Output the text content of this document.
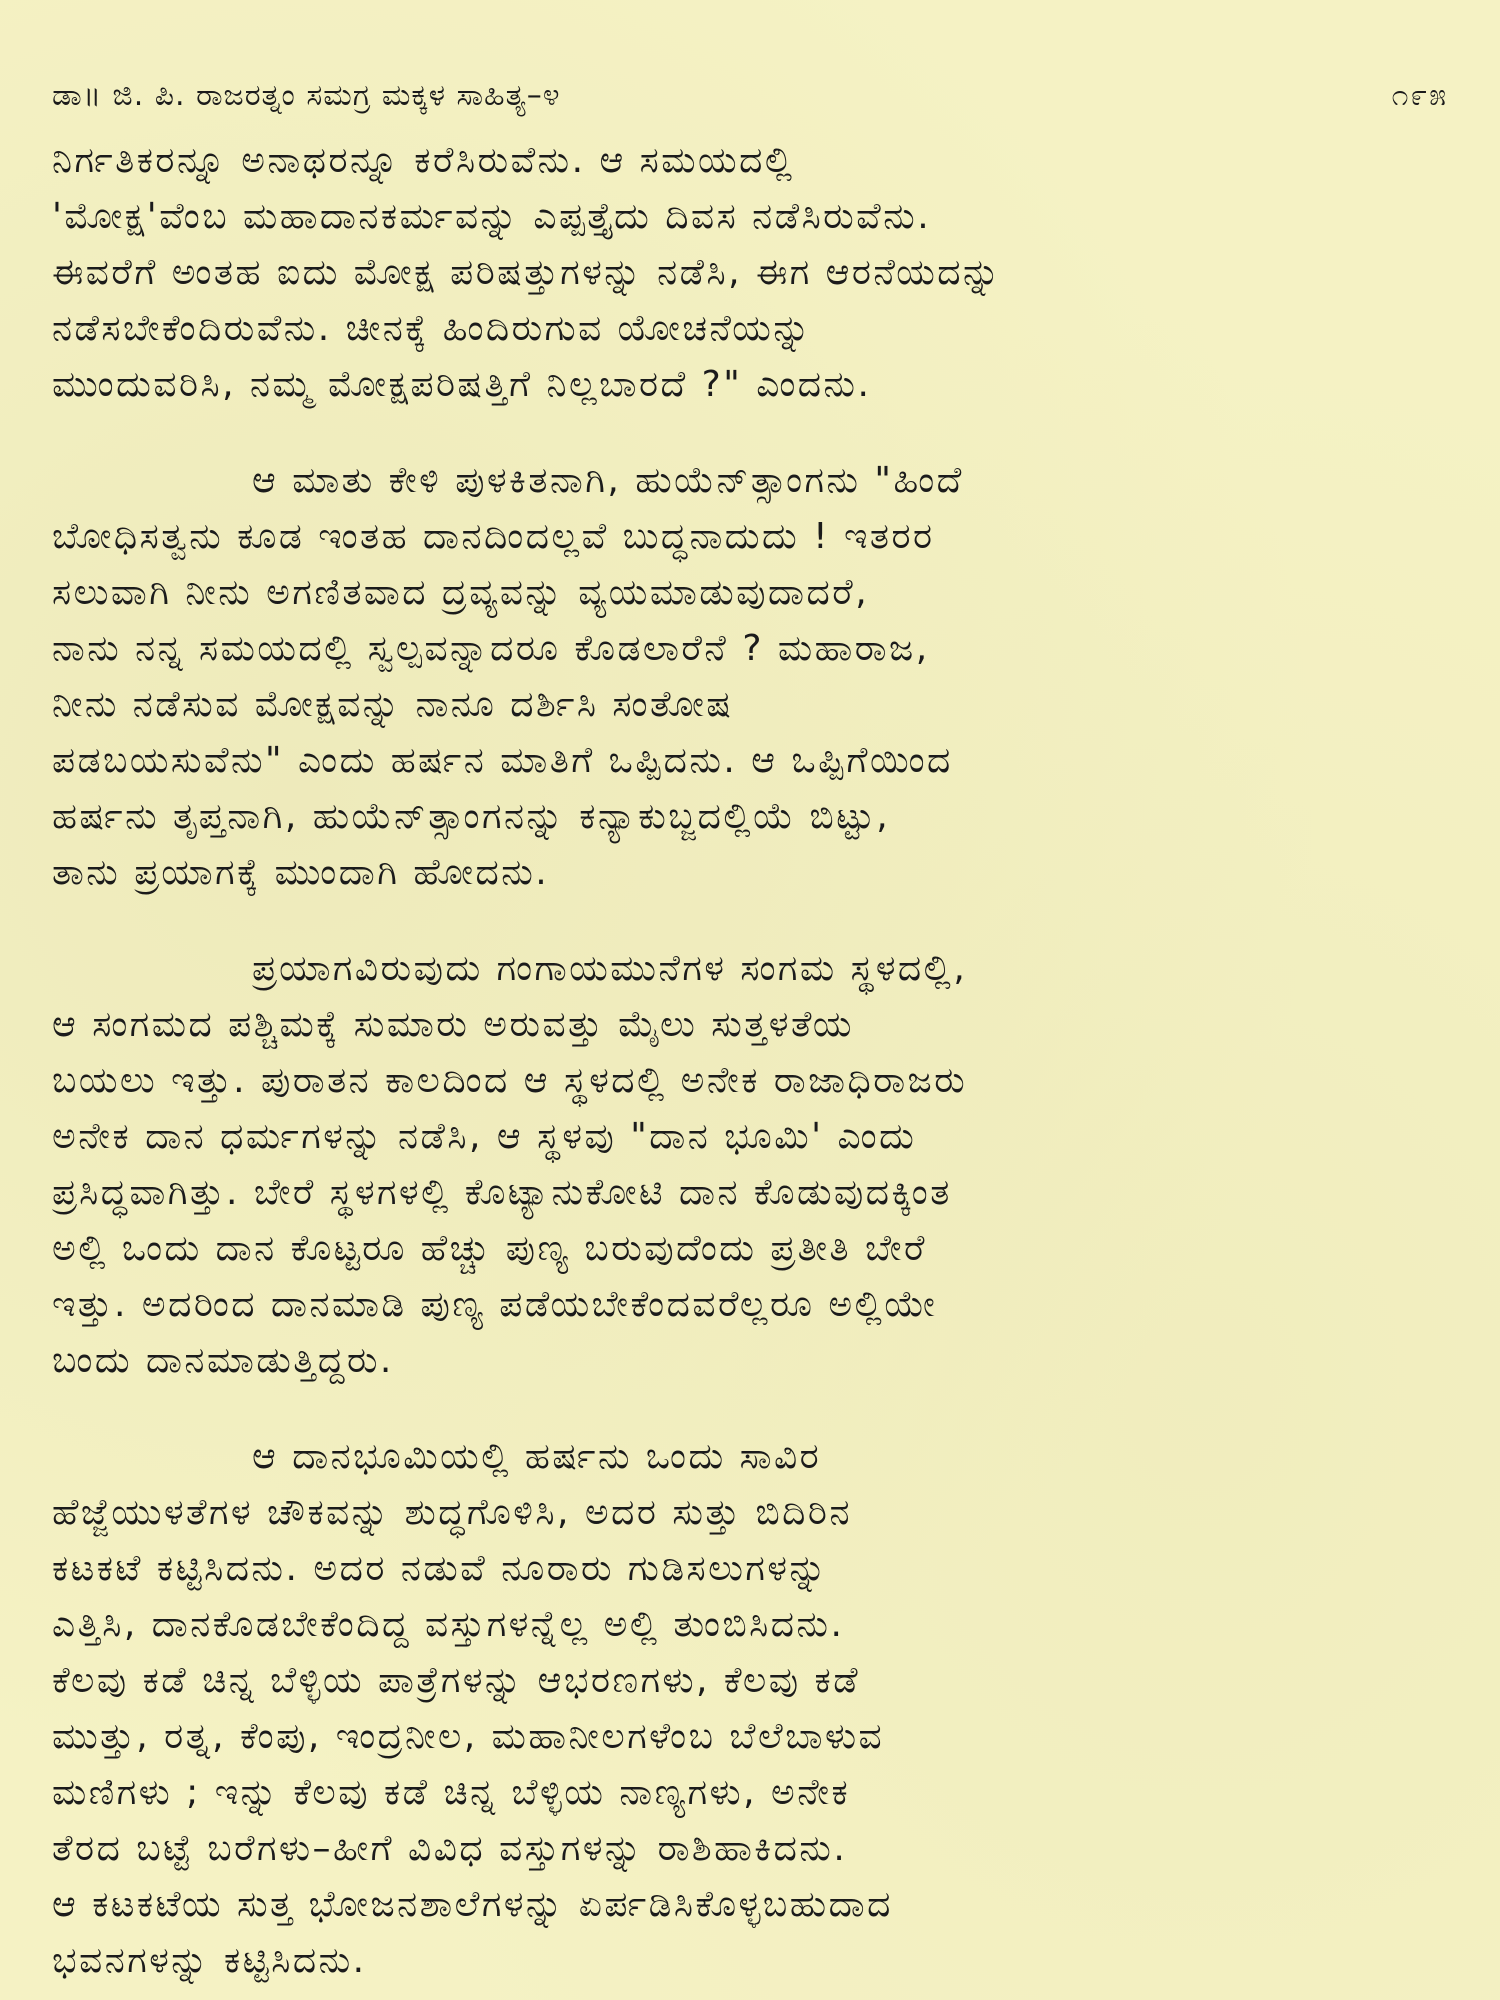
ಡಾ॥ ಜಿ. ಪಿ. ರಾಜರತ್ನಂ ಸಮಗ್ರ ಮಕ್ಕಳ ಸಾಹಿತ್ಯ–೪	೧೯೫

ನಿರ್ಗತಿಕರನ್ನೂ ಅನಾಥರನ್ನೂ ಕರೆಸಿರುವೆನು. ಆ ಸಮಯದಲ್ಲಿ
'ಮೋಕ್ಷ'ವೆಂಬ ಮಹಾದಾನಕರ್ಮವನ್ನು ಎಪ್ಪತ್ತೈದು ದಿವಸ ನಡೆಸಿರುವೆನು.
ಈವರೆಗೆ ಅಂತಹ ಐದು ಮೋಕ್ಷ ಪರಿಷತ್ತುಗಳನ್ನು ನಡೆಸಿ, ಈಗ ಆರನೆಯದನ್ನು
ನಡೆಸಬೇಕೆಂದಿರುವೆನು. ಚೀನಕ್ಕೆ ಹಿಂದಿರುಗುವ ಯೋಚನೆಯನ್ನು
ಮುಂದುವರಿಸಿ, ನಮ್ಮ ಮೋಕ್ಷಪರಿಷತ್ತಿಗೆ ನಿಲ್ಲಬಾರದೆ ?" ಎಂದನು.

ಆ ಮಾತು ಕೇಳಿ ಪುಳಕಿತನಾಗಿ, ಹುಯೆನ್‌ತ್ಸಾಂಗನು "ಹಿಂದೆ
ಬೋಧಿಸತ್ವನು ಕೂಡ ಇಂತಹ ದಾನದಿಂದಲ್ಲವೆ ಬುದ್ಧನಾದುದು ! ಇತರರ
ಸಲುವಾಗಿ ನೀನು ಅಗಣಿತವಾದ ದ್ರವ್ಯವನ್ನು ವ್ಯಯಮಾಡುವುದಾದರೆ,
ನಾನು ನನ್ನ ಸಮಯದಲ್ಲಿ ಸ್ವಲ್ಪವನ್ನಾದರೂ ಕೊಡಲಾರೆನೆ ? ಮಹಾರಾಜ,
ನೀನು ನಡೆಸುವ ಮೋಕ್ಷವನ್ನು ನಾನೂ ದರ್ಶಿಸಿ ಸಂತೋಷ
ಪಡಬಯಸುವೆನು" ಎಂದು ಹರ್ಷನ ಮಾತಿಗೆ ಒಪ್ಪಿದನು. ಆ ಒಪ್ಪಿಗೆಯಿಂದ
ಹರ್ಷನು ತೃಪ್ತನಾಗಿ, ಹುಯೆನ್‌ತ್ಸಾಂಗನನ್ನು ಕನ್ಯಾಕುಬ್ಜದಲ್ಲಿಯೆ ಬಿಟ್ಟು,
ತಾನು ಪ್ರಯಾಗಕ್ಕೆ ಮುಂದಾಗಿ ಹೋದನು.

ಪ್ರಯಾಗವಿರುವುದು ಗಂಗಾಯಮುನೆಗಳ ಸಂಗಮ ಸ್ಥಳದಲ್ಲಿ,
ಆ ಸಂಗಮದ ಪಶ್ಚಿಮಕ್ಕೆ ಸುಮಾರು ಅರುವತ್ತು ಮೈಲು ಸುತ್ತಳತೆಯ
ಬಯಲು ಇತ್ತು. ಪುರಾತನ ಕಾಲದಿಂದ ಆ ಸ್ಥಳದಲ್ಲಿ ಅನೇಕ ರಾಜಾಧಿರಾಜರು
ಅನೇಕ ದಾನ ಧರ್ಮಗಳನ್ನು ನಡೆಸಿ, ಆ ಸ್ಥಳವು "ದಾನ ಭೂಮಿ' ಎಂದು
ಪ್ರಸಿದ್ಧವಾಗಿತ್ತು. ಬೇರೆ ಸ್ಥಳಗಳಲ್ಲಿ ಕೊಟ್ಯಾನುಕೋಟಿ ದಾನ ಕೊಡುವುದಕ್ಕಿಂತ
ಅಲ್ಲಿ ಒಂದು ದಾನ ಕೊಟ್ಟರೂ ಹೆಚ್ಚು ಪುಣ್ಯ ಬರುವುದೆಂದು ಪ್ರತೀತಿ ಬೇರೆ
ಇತ್ತು. ಅದರಿಂದ ದಾನಮಾಡಿ ಪುಣ್ಯ ಪಡೆಯಬೇಕೆಂದವರೆಲ್ಲರೂ ಅಲ್ಲಿಯೇ
ಬಂದು ದಾನಮಾಡುತ್ತಿದ್ದರು.

ಆ ದಾನಭೂಮಿಯಲ್ಲಿ ಹರ್ಷನು ಒಂದು ಸಾವಿರ
ಹೆಜ್ಜೆಯುಳತೆಗಳ ಚೌಕವನ್ನು ಶುದ್ಧಗೊಳಿಸಿ, ಅದರ ಸುತ್ತು ಬಿದಿರಿನ
ಕಟಕಟೆ ಕಟ್ಟಿಸಿದನು. ಅದರ ನಡುವೆ ನೂರಾರು ಗುಡಿಸಲುಗಳನ್ನು
ಎತ್ತಿಸಿ, ದಾನಕೊಡಬೇಕೆಂದಿದ್ದ ವಸ್ತುಗಳನ್ನೆಲ್ಲ ಅಲ್ಲಿ ತುಂಬಿಸಿದನು.
ಕೆಲವು ಕಡೆ ಚಿನ್ನ ಬೆಳ್ಳಿಯ ಪಾತ್ರೆಗಳನ್ನು ಆಭರಣಗಳು, ಕೆಲವು ಕಡೆ
ಮುತ್ತು, ರತ್ನ, ಕೆಂಪು, ಇಂದ್ರನೀಲ, ಮಹಾನೀಲಗಳೆಂಬ ಬೆಲೆಬಾಳುವ
ಮಣಿಗಳು ; ಇನ್ನು ಕೆಲವು ಕಡೆ ಚಿನ್ನ ಬೆಳ್ಳಿಯ ನಾಣ್ಯಗಳು, ಅನೇಕ
ತೆರದ ಬಟ್ಟೆ ಬರೆಗಳು–ಹೀಗೆ ವಿವಿಧ ವಸ್ತುಗಳನ್ನು ರಾಶಿಹಾಕಿದನು.
ಆ ಕಟಕಟೆಯ ಸುತ್ತ ಭೋಜನಶಾಲೆಗಳನ್ನು ಏರ್ಪಡಿಸಿಕೊಳ್ಳಬಹುದಾದ
ಭವನಗಳನ್ನು ಕಟ್ಟಿಸಿದನು.
